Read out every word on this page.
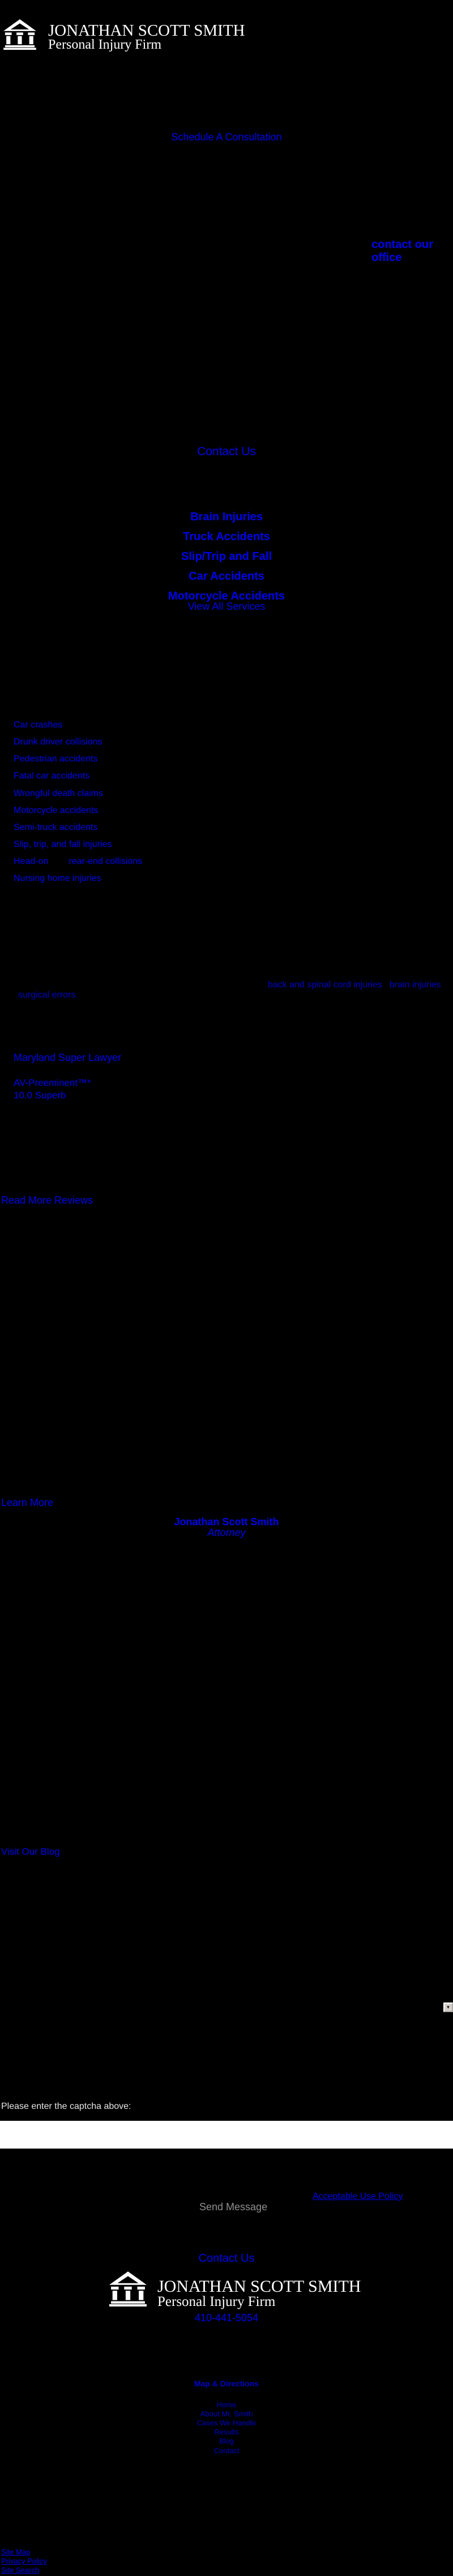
JONATHAN SCOTT SMITH
Personal Injury Firm
Schedule A Consultation
contact our office
Contact Us
Brain Injuries
Truck Accidents
Slip/Trip and Fall
Car Accidents
Motorcycle Accidents
View All Services
Car crashes
Drunk driver collisions
Pedestrian accidents
Fatal car accidents
Wrongful death claims
Motorcycle accidents
Semi-truck accidents
Slip, trip, and fall injuries
Head-on rear-end collisions
Nursing home injuries
back and spinal cord injuries brain injuries
surgical errors
Maryland Super Lawyer
AV-Preeminent™*
10.0 Superb
Read More Reviews
Learn More
Jonathan Scott Smith
Attorney
Visit Our Blog
▼
Please enter the captcha above:
Acceptable Use Policy
Send Message
Contact Us
JONATHAN SCOTT SMITH
Personal Injury Firm
410-441-5054
Map & Directions
Home
About Mr. Smith
Cases We Handle
Results
Blog
Contact
Site Map
Privacy Policy
Site Search
